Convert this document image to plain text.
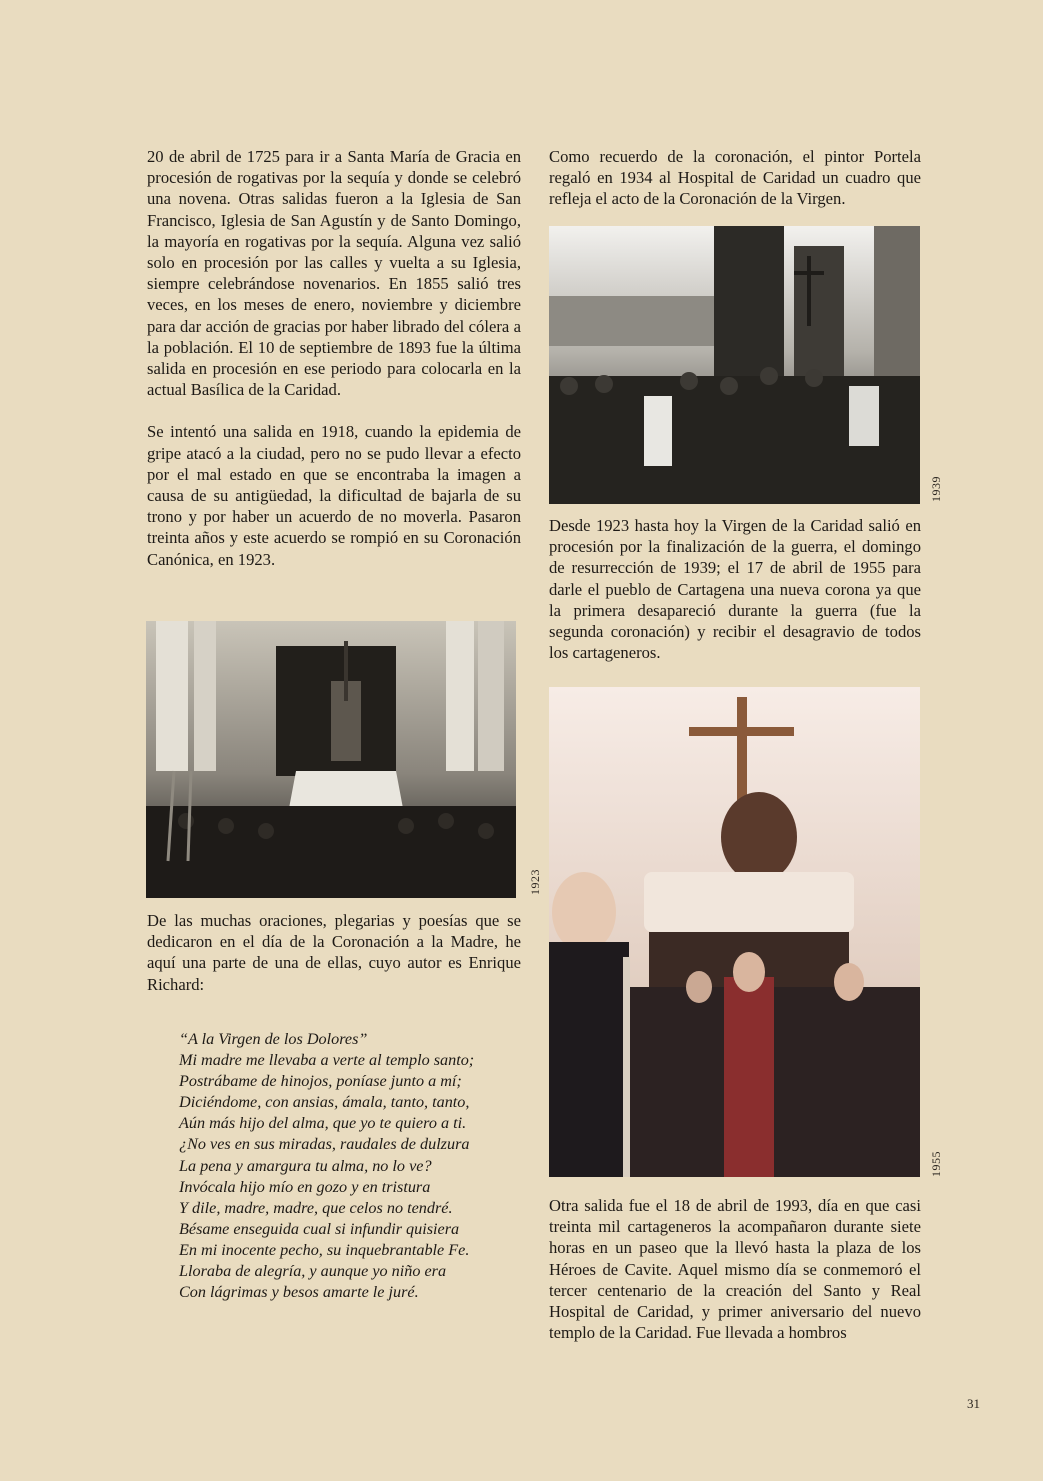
20 de abril de 1725 para ir a Santa María de Gracia en procesión de rogativas por la sequía y donde se celebró una novena. Otras salidas fueron a la Iglesia de San Francisco, Iglesia de San Agustín y de Santo Domingo, la mayoría en rogativas por la sequía. Alguna vez salió solo en procesión por las calles y vuelta a su Iglesia, siempre celebrándose novenarios. En 1855 salió tres veces, en los meses de enero, noviembre y diciembre para dar acción de gracias por haber librado del cólera a la población. El 10 de septiembre de 1893 fue la última salida en procesión en ese periodo para colocarla en la actual Basílica de la Caridad.

Se intentó una salida en 1918, cuando la epidemia de gripe atacó a la ciudad, pero no se pudo llevar a efecto por el mal estado en que se encontraba la imagen a causa de su antigüedad, la dificultad de bajarla de su trono y por haber un acuerdo de no moverla. Pasaron treinta años y este acuerdo se rompió en su Coronación Canónica, en 1923.

1923

De las muchas oraciones, plegarias y poesías que se dedicaron en el día de la Coronación a la Madre, he aquí una parte de una de ellas, cuyo autor es Enrique Richard:

“A la Virgen de los Dolores”
Mi madre me llevaba a verte al templo santo;
Postrábame de hinojos, poníase junto a mí;
Diciéndome, con ansias, ámala, tanto, tanto,
Aún más hijo del alma, que yo te quiero a ti.
¿No ves en sus miradas, raudales de dulzura
La pena y amargura tu alma, no lo ve?
Invócala hijo mío en gozo y en tristura
Y dile, madre, madre, que celos no tendré.
Bésame enseguida cual si infundir quisiera
En mi inocente pecho, su inquebrantable Fe.
Lloraba de alegría, y aunque yo niño era
Con lágrimas y besos amarte le juré.

Como recuerdo de la coronación, el pintor Portela regaló en 1934 al Hospital de Caridad un cuadro que refleja el acto de la Coronación de la Virgen.

1939

Desde 1923 hasta hoy la Virgen de la Caridad salió en procesión por la finalización de la guerra, el domingo de resurrección de 1939; el 17 de abril de 1955 para darle el pueblo de Cartagena una nueva corona ya que la primera desapareció durante la guerra (fue la segunda coronación) y recibir el desagravio de todos los cartageneros.

1955

Otra salida fue el 18 de abril de 1993, día en que casi treinta mil cartageneros la acompañaron durante siete horas en un paseo que la llevó hasta la plaza de los Héroes de Cavite. Aquel mismo día se conmemoró el tercer centenario de la creación del Santo y Real Hospital de Caridad, y primer aniversario del nuevo templo de la Caridad. Fue llevada a hombros

31
